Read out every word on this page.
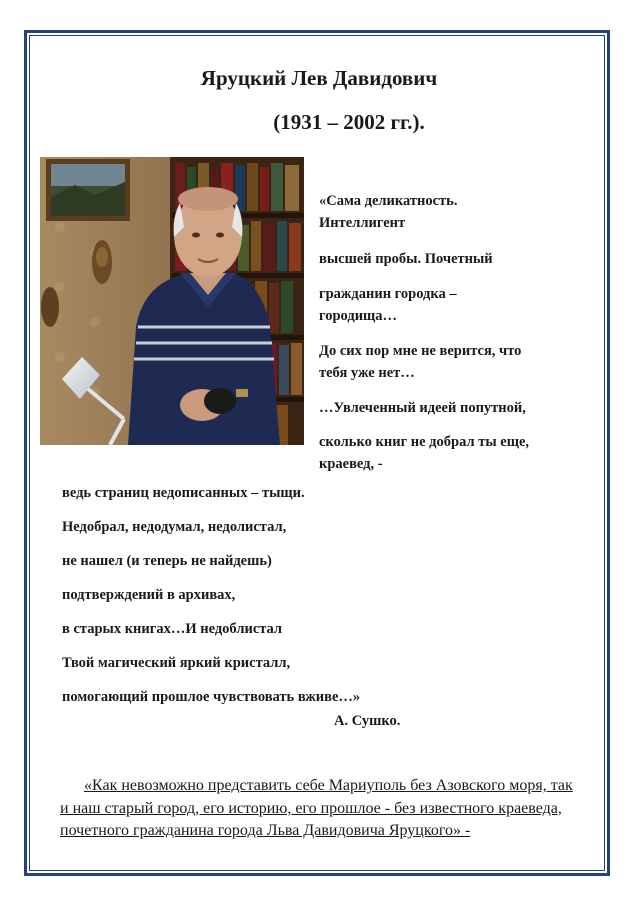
Яруцкий Лев Давидович
(1931 – 2002 гг.).

«Сама деликатность.

Интеллигент

высшей пробы. Почетный

гражданин городка –

городища…

До сих пор мне не верится, что

тебя уже нет…

…Увлеченный идеей попутной,

сколько книг не добрал ты еще,

краевед, -

ведь страниц недописанных – тыщи.

Недобрал, недодумал, недолистал,

не нашел (и теперь не найдешь)

подтверждений в архивах,

в старых книгах…И недоблистал

Твой магический яркий кристалл,

помогающий прошлое чувствовать вживе…»

А. Сушко.

«Как невозможно представить себе Мариуполь без Азовского моря, так и наш старый город, его историю, его прошлое - без известного краеведа, почетного гражданина города Льва Давидовича Яруцкого» -
